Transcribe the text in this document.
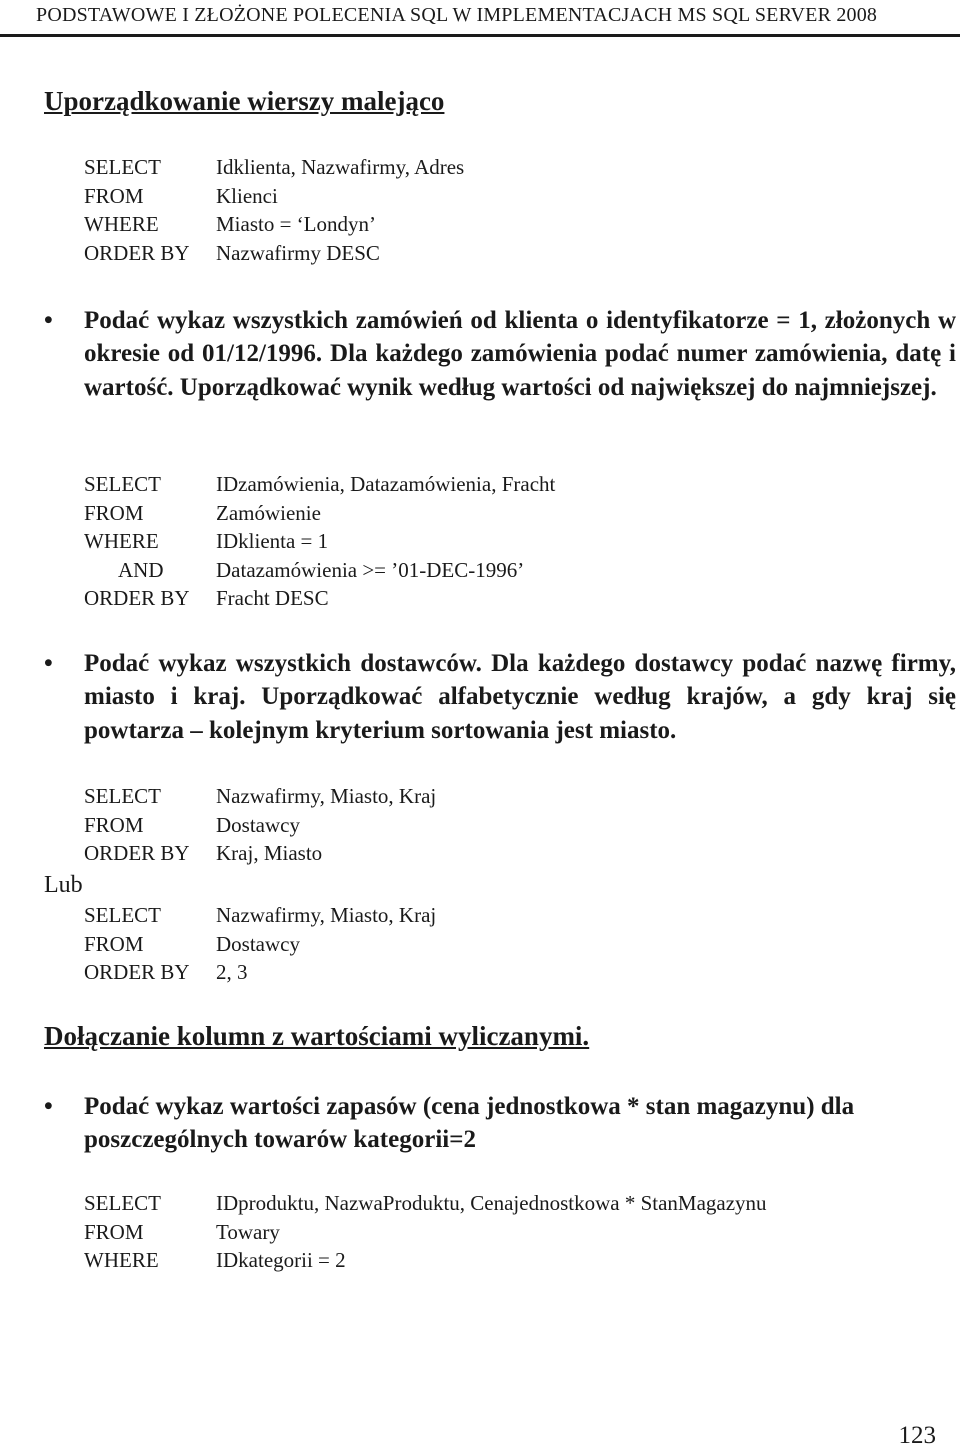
PODSTAWOWE I ZŁOŻONE POLECENIA SQL W IMPLEMENTACJACH MS SQL SERVER 2008
Uporządkowanie wierszy malejąco
SELECT	Idklienta, Nazwafirmy, Adres
FROM	Klienci
WHERE	Miasto = ‘Londyn’
ORDER BY	Nazwafirmy DESC
•	Podać wykaz wszystkich zamówień od klienta o identyfikatorze = 1, złożonych w okresie od 01/12/1996. Dla każdego zamówienia podać numer zamówienia, datę i wartość. Uporządkować wynik według wartości od największej do najmniejszej.
SELECT	IDzamówienia, Datazamówienia, Fracht
FROM	Zamówienie
WHERE	IDklienta = 1
AND	Datazamówienia >= ’01-DEC-1996’
ORDER BY	Fracht DESC
•	Podać wykaz wszystkich dostawców. Dla każdego dostawcy podać nazwę firmy, miasto i kraj. Uporządkować alfabetycznie według krajów, a gdy kraj się powtarza – kolejnym kryterium sortowania jest miasto.
SELECT	Nazwafirmy, Miasto, Kraj
FROM	Dostawcy
ORDER BY	Kraj, Miasto
Lub
SELECT	Nazwafirmy, Miasto, Kraj
FROM	Dostawcy
ORDER BY	2, 3
Dołączanie kolumn z wartościami wyliczanymi.
•	Podać wykaz wartości zapasów (cena jednostkowa * stan magazynu) dla poszczególnych towarów kategorii=2
SELECT	IDproduktu, NazwaProduktu, Cenajednostkowa * StanMagazynu
FROM	Towary
WHERE	IDkategorii = 2
123
